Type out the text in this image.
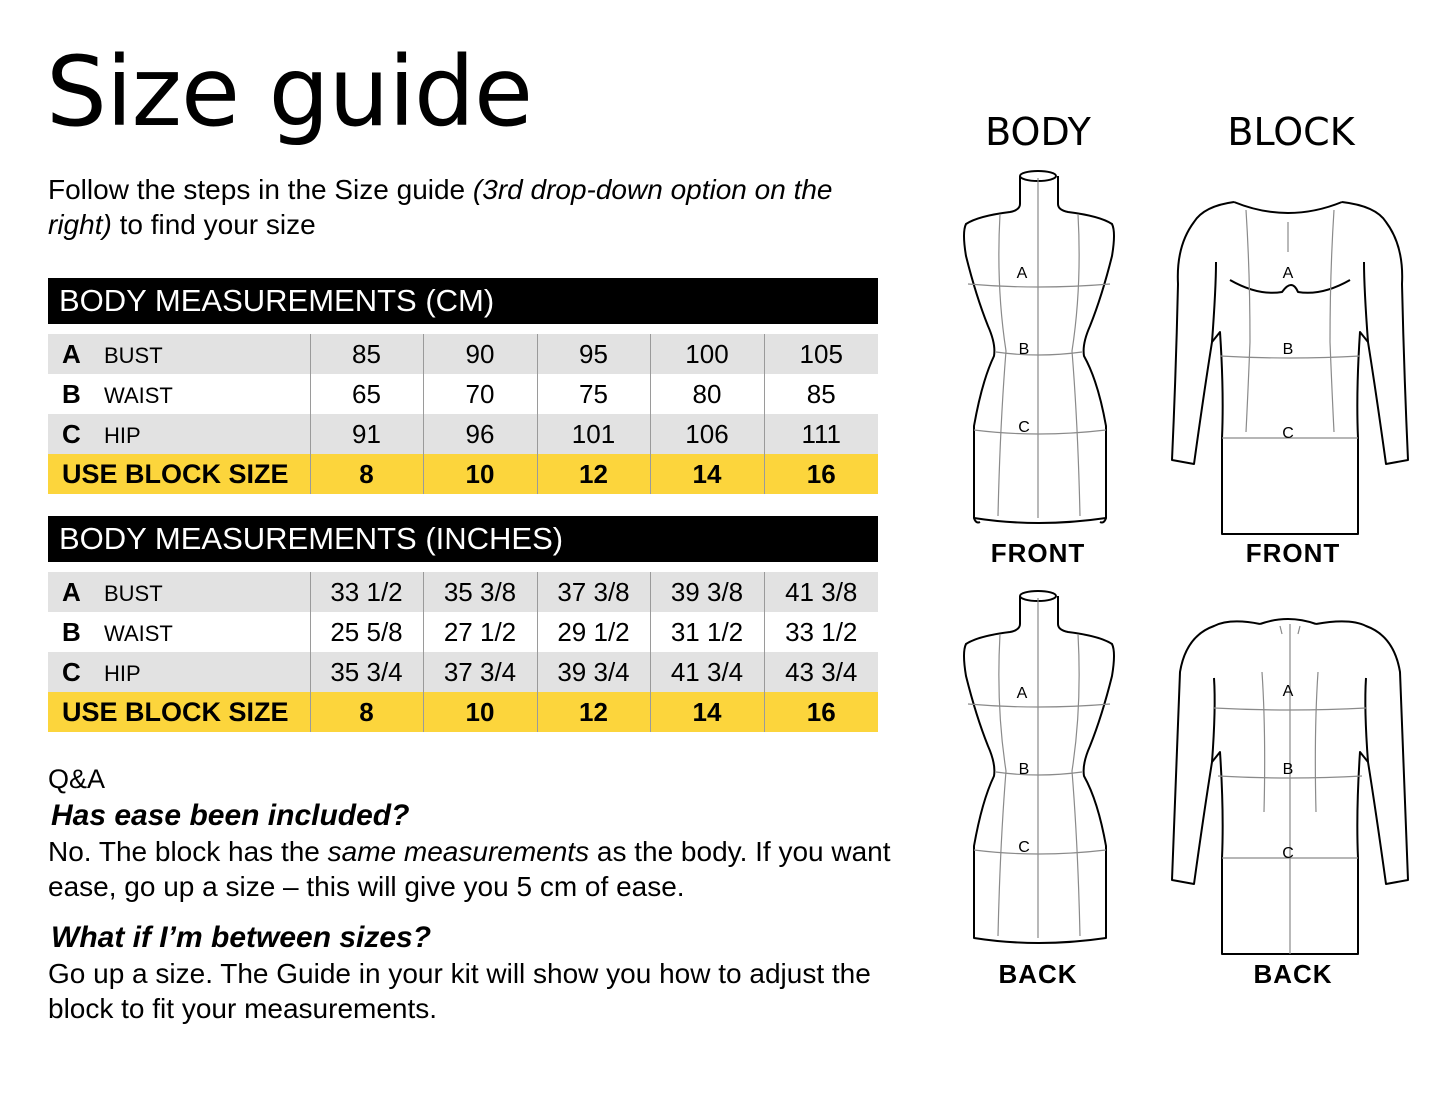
Size guide
Follow the steps in the Size guide (3rd drop-down option on the right) to find your size
BODY MEASUREMENTS (CM)
A BUST	85	90	95	100	105
B WAIST	65	70	75	80	85
C HIP	91	96	101	106	111
USE BLOCK SIZE	8	10	12	14	16
BODY MEASUREMENTS (INCHES)
A BUST	33 1/2	35 3/8	37 3/8	39 3/8	41 3/8
B WAIST	25 5/8	27 1/2	29 1/2	31 1/2	33 1/2
C HIP	35 3/4	37 3/4	39 3/4	41 3/4	43 3/4
USE BLOCK SIZE	8	10	12	14	16
Q&A
Has ease been included?
No. The block has the same measurements as the body. If you want ease, go up a size – this will give you 5 cm of ease.
What if I’m between sizes?
Go up a size. The Guide in your kit will show you how to adjust the block to fit your measurements.
BODY	BLOCK
A
B
C
A
B
C
FRONT	FRONT
A
B
C
A
B
C
BACK	BACK
